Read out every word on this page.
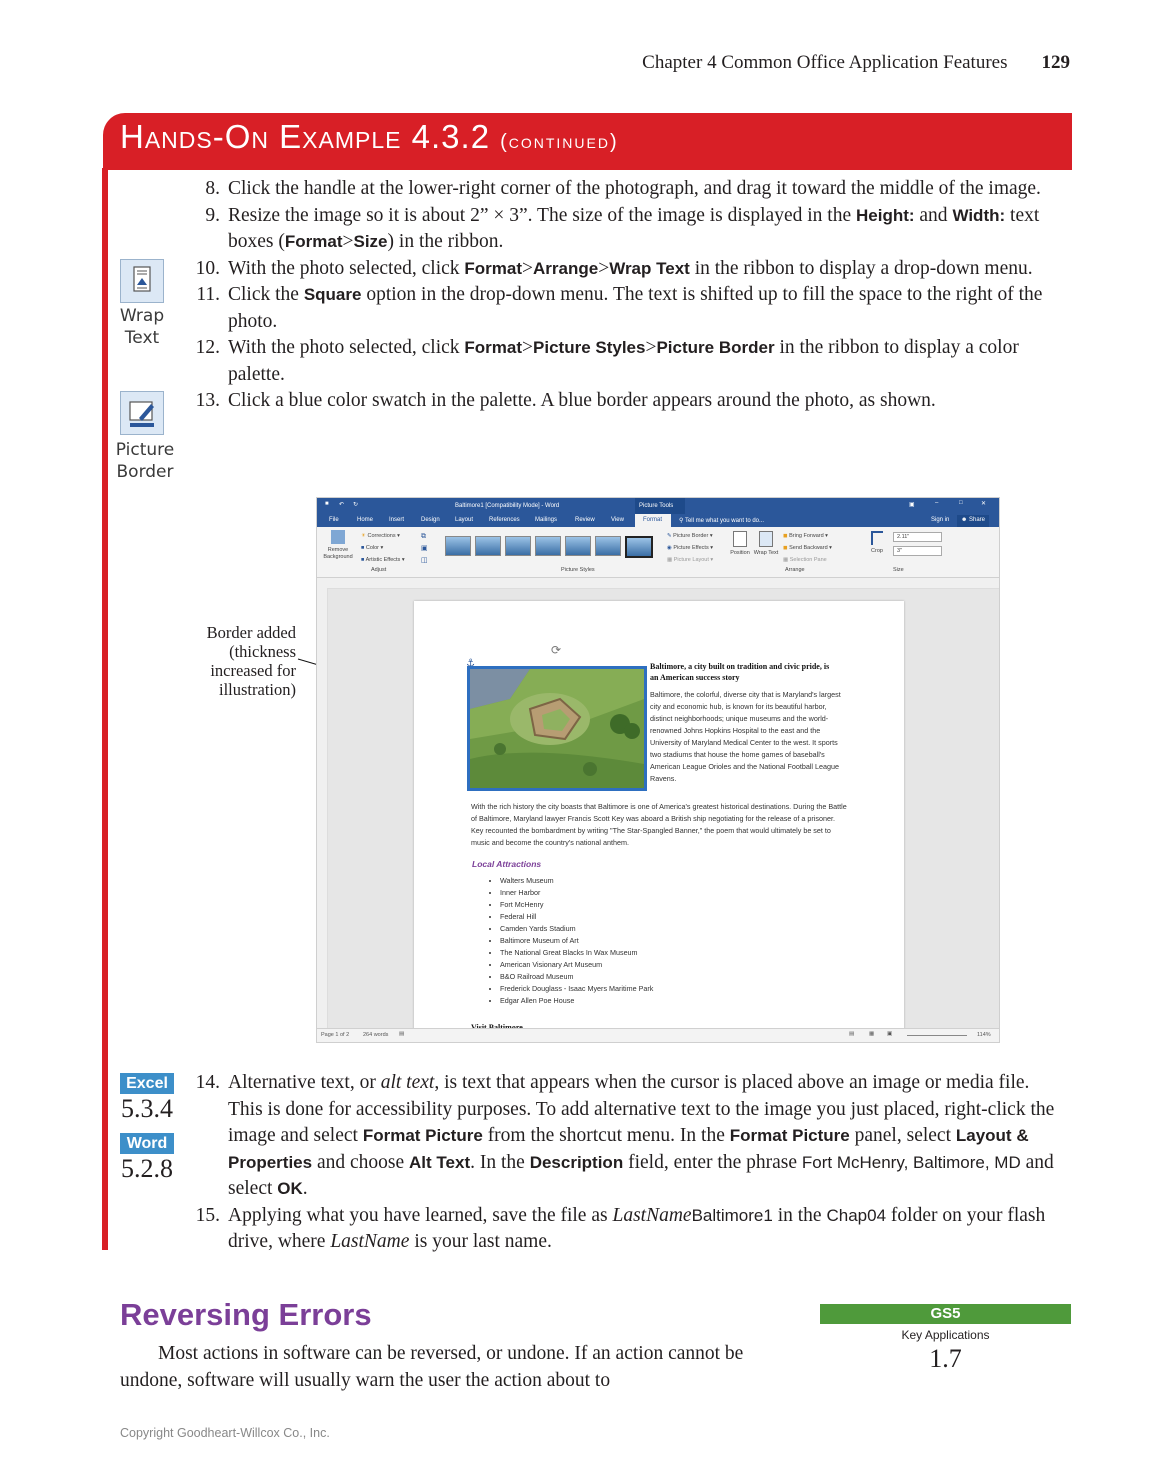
Chapter 4 Common Office Application Features 129
Hands-On Example 4.3.2 (continued)
Wrap
Text
Picture
Border
8. Click the handle at the lower-right corner of the photograph, and drag it toward the middle of the image.
9. Resize the image so it is about 2” × 3”. The size of the image is displayed in the Height: and Width: text boxes (Format>Size) in the ribbon.
10. With the photo selected, click Format>Arrange>Wrap Text in the ribbon to display a drop-down menu.
11. Click the Square option in the drop-down menu. The text is shifted up to fill the space to the right of the photo.
12. With the photo selected, click Format>Picture Styles>Picture Border in the ribbon to display a color palette.
13. Click a blue color swatch in the palette. A blue border appears around the photo, as shown.
Border added (thickness increased for illustration)
■ ↶ ↻	Baltimore1 [Compatibility Mode] - Word	Picture Tools	▣	–	□	✕
File	Home	Insert	Design	Layout	References	Mailings	Review	View	Format	⚲ Tell me what you want to do...	Sign in	☻ Share
Remove Background
☀ Corrections ▾
■ Color ▾
■ Artistic Effects ▾
⧉
▣
◫
Adjust	Picture Styles
✎ Picture Border ▾
◉ Picture Effects ▾
▦ Picture Layout ▾
Position Wrap Text
◼ Bring Forward ▾
◼ Send Backward ▾
▦ Selection Pane
Arrange
Crop
2.11"
3"
Size
⚓
⟳
Baltimore, a city built on tradition and civic pride, is an American success story
Baltimore, the colorful, diverse city that is Maryland's largest city and economic hub, is known for its beautiful harbor, distinct neighborhoods; unique museums and the world-renowned Johns Hopkins Hospital to the east and the University of Maryland Medical Center to the west. It sports two stadiums that house the home games of baseball's American League Orioles and the National Football League Ravens.
With the rich history the city boasts that Baltimore is one of America's greatest historical destinations. During the Battle of Baltimore, Maryland lawyer Francis Scott Key was aboard a British ship negotiating for the release of a prisoner. Key recounted the bombardment by writing "The Star-Spangled Banner," the poem that would ultimately be set to music and become the country's national anthem.
Local Attractions
• Walters Museum
• Inner Harbor
• Fort McHenry
• Federal Hill
• Camden Yards Stadium
• Baltimore Museum of Art
• The National Great Blacks In Wax Museum
• American Visionary Art Museum
• B&O Railroad Museum
• Frederick Douglass - Isaac Myers Maritime Park
• Edgar Allen Poe House
Page 1 of 2	264 words ▤	▤	▦ ▣	114%
Excel
5.3.4
Word
5.2.8
14. Alternative text, or alt text, is text that appears when the cursor is placed above an image or media file. This is done for accessibility purposes. To add alternative text to the image you just placed, right-click the image and select Format Picture from the shortcut menu. In the Format Picture panel, select Layout & Properties and choose Alt Text. In the Description field, enter the phrase Fort McHenry, Baltimore, MD and select OK.
15. Applying what you have learned, save the file as LastNameBaltimore1 in the Chap04 folder on your flash drive, where LastName is your last name.
Reversing Errors
Most actions in software can be reversed, or undone. If an action cannot be undone, software will usually warn the user the action about to
GS5
Key Applications
1.7
Copyright Goodheart-Willcox Co., Inc.
